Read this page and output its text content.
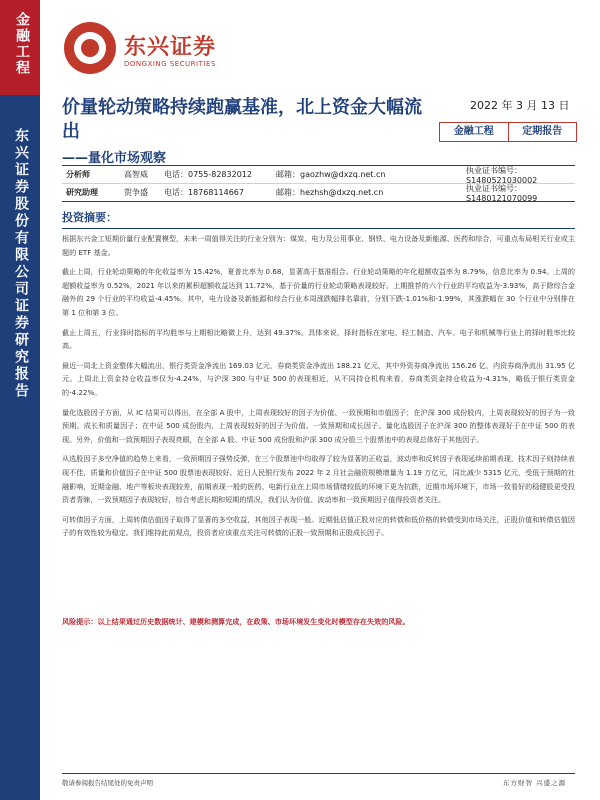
金融工程
东兴证券股份有限公司证券研究报告
东兴证券
DONGXING SECURITIES
价量轮动策略持续跑赢基准，北上资金大幅流出
——量化市场观察
2022 年 3 月 13 日
金融工程	定期报告
分析师	高智威	电话：0755-82832012	邮箱：gaozhw@dxzq.net.cn	执业证书编号：S1480521030002
研究助理	贺争盛	电话：18768114667	邮箱：hezhsh@dxzq.net.cn	执业证书编号：S1480121070099
投资摘要：

根据东兴金工短期价量行业配置模型，未来一周值得关注的行业分别为：煤炭、电力及公用事业、钢铁、电力设备及新能源、医药和综合，可重点布局相关行业或主题的 ETF 基金。

截止上周，行业轮动策略的年化收益率为 15.42%，夏普比率为 0.68，显著高于基准组合。行业轮动策略的年化超额收益率为 8.79%，信息比率为 0.94。上周的超额收益率为 0.52%，2021 年以来的累积超额收益达到 11.72%，基于价量的行业轮动策略表现较好。上期推荐的六个行业的平均收益为-3.93%，高于除综合金融外的 29 个行业的平均收益-4.45%。其中，电力设备及新能源和综合行业本周涨跌幅排名靠前，分别下跌-1.01%和-1.99%，其涨跌幅在 30 个行业中分别排在第 1 位和第 3 位。

截止上周五，行业择时指标的平均胜率与上期相比略微上升，达到 49.37%。具体来说，择时指标在家电、轻工制造、汽车、电子和机械等行业上的择时胜率比较高。

最近一周北上资金整体大幅流出，银行类资金净流出 169.03 亿元，券商类资金净流出 188.21 亿元，其中外资券商净流出 156.26 亿，内资券商净流出 31.95 亿元。上周北上资金持仓收益率仅为-4.24%，与沪深 300 与中证 500 的表现相近，从不同持仓机构来看，券商类资金持仓收益为-4.31%，略低于银行类资金的-4.22%。

量化选股因子方面，从 IC 结果可以得出，在全部 A 股中，上周表现较好的因子为价值、一致预期和市值因子；在沪深 300 成份股内，上周表现较好的因子为一致预期、成长和质量因子；在中证 500 成份股内，上周表现较好的因子为价值、一致预期和成长因子。量化选股因子在沪深 300 的整体表现好于在中证 500 的表现。另外，价值和一致预期因子表现亮眼，在全部 A 股、中证 500 成份股和沪深 300 成分股三个股票池中的表现总体好于其他因子。

从选股因子多空净值的趋势上来看，一致预期因子强势反弹，在三个股票池中均取得了较为显著的正收益，波动率和反转因子表现延续前期表现，技术因子则持续表现不佳，质量和价值因子在中证 500 股票池表现较好。近日人民银行发布 2022 年 2 月社会融资规模增量为 1.19 万亿元，同比减少 5315 亿元，受低于预期的社融影响，近期金融、地产等板块表现较差，前期表现一般的医药、电新行业在上周市场情绪较低的环境下更为抗跌，近期市场环境下，市场一致看好的稳健股更受投资者青睐，一致预期因子表现较好，综合考虑长期和短期的情况，我们认为价值、波动率和一致预期因子值得投资者关注。

可转债因子方面，上周转债估值因子取得了显著的多空收益，其他因子表现一般。近期低估值正股对应的转债和低价格的转债受到市场关注，正股价值和转债估值因子的有效性较为稳定。我们维持此前观点，投资者应该重点关注可转债的正股一致预期和正股成长因子。

风险提示：以上结果通过历史数据统计、建模和测算完成，在政策、市场环境发生变化时模型存在失效的风险。
敬请参阅报告结尾处的免责声明	东方财智 兴盛之源
